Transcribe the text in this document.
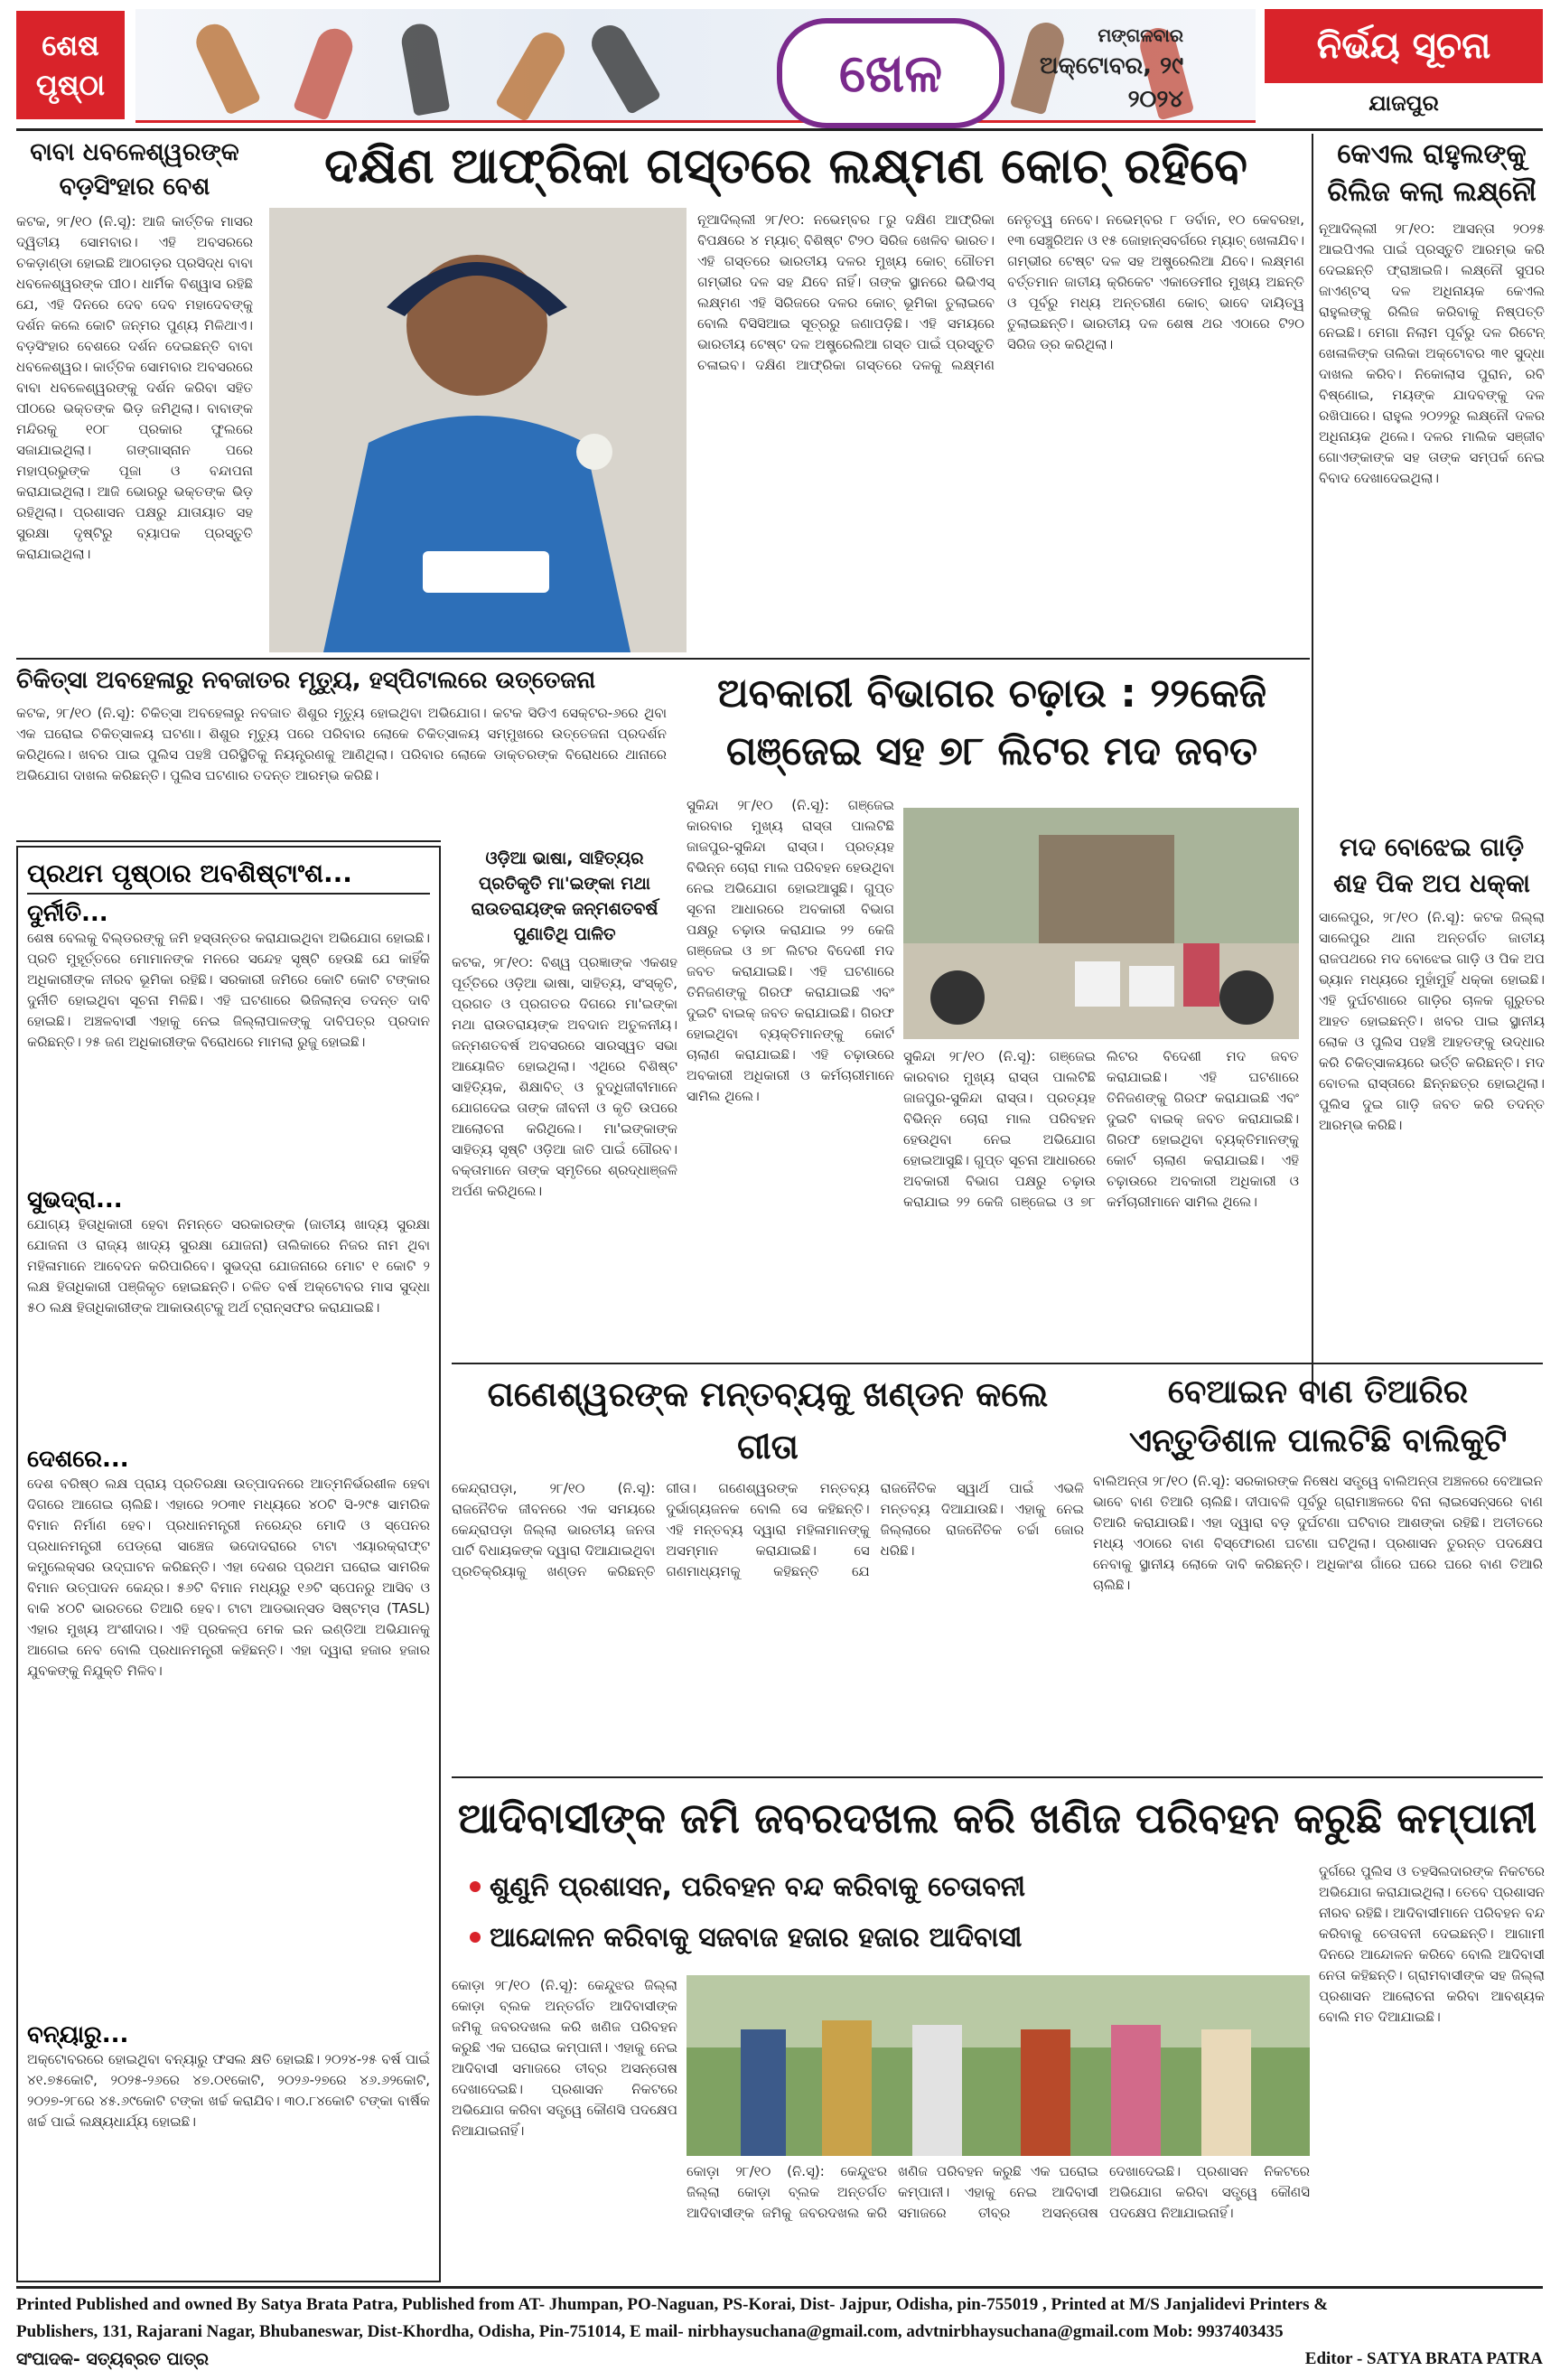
ଶେଷ
ପୃଷ୍ଠା	ଖେଳ
ମଙ୍ଗଳବାର
ଅକ୍ଟୋବର, ୨୯
୨୦୨୪
ନିର୍ଭୟ ସୂଚନା
ଯାଜପୁର
ବାବା ଧବଳେଶ୍ୱରଙ୍କ ବଡ଼ସିଂହାର ବେଶ
କଟକ, ୨୮/୧୦ (ନି.ସୂ): ଆଜି କାର୍ତ୍ତିକ ମାସର ଦ୍ୱିତୀୟ ସୋମବାର। ଏହି ଅବସରରେ ଚକଡ଼ାଣ୍ଡା ହୋଇଛି ଆଠଗଡ଼ର ପ୍ରସିଦ୍ଧ ବାବା ଧବଳେଶ୍ୱରଙ୍କ ପୀଠ। ଧାର୍ମିକ ବିଶ୍ୱାସ ରହିଛି ଯେ, ଏହି ଦିନରେ ଦେବ ଦେବ ମହାଦେବଙ୍କୁ ଦର୍ଶନ କଲେ କୋଟି ଜନ୍ମର ପୁଣ୍ୟ ମିଳିଥାଏ। ବଡ଼ସିଂହାର ବେଶରେ ଦର୍ଶନ ଦେଇଛନ୍ତି ବାବା ଧବଳେଶ୍ୱର। କାର୍ତ୍ତିକ ସୋମବାର ଅବସରରେ ବାବା ଧବଳେଶ୍ୱରଙ୍କୁ ଦର୍ଶନ କରିବା ସହିତ ପୀଠରେ ଭକ୍ତଙ୍କ ଭିଡ଼ ଜମିଥିଲା। ବାବାଙ୍କ ମନ୍ଦିରକୁ ୧୦୮ ପ୍ରକାର ଫୁଲରେ ସଜାଯାଇଥିଲା। ଗଙ୍ଗାସ୍ନାନ ପରେ ମହାପ୍ରଭୁଙ୍କ ପୂଜା ଓ ବନ୍ଦାପନା କରାଯାଇଥିଲା। ଆଜି ଭୋରରୁ ଭକ୍ତଙ୍କ ଭିଡ଼ ରହିଥିଲା। ପ୍ରଶାସନ ପକ୍ଷରୁ ଯାତାୟାତ ସହ ସୁରକ୍ଷା ଦୃଷ୍ଟିରୁ ବ୍ୟାପକ ପ୍ରସ୍ତୁତି କରାଯାଇଥିଲା।
ଦକ୍ଷିଣ ଆଫ୍ରିକା ଗସ୍ତରେ ଲକ୍ଷ୍ମଣ କୋଚ୍ ରହିବେ
ନୂଆଦିଲ୍ଲୀ ୨୮/୧୦: ନଭେମ୍ବର ୮ରୁ ଦକ୍ଷିଣ ଆଫ୍ରିକା ବିପକ୍ଷରେ ୪ ମ୍ୟାଚ୍ ବିଶିଷ୍ଟ ଟି୨୦ ସିରିଜ ଖେଳିବ ଭାରତ। ଏହି ଗସ୍ତରେ ଭାରତୀୟ ଦଳର ମୁଖ୍ୟ କୋଚ୍ ଗୌତମ ଗମ୍ଭୀର ଦଳ ସହ ଯିବେ ନାହିଁ। ତାଙ୍କ ସ୍ଥାନରେ ଭିଭିଏସ୍ ଲକ୍ଷ୍ମଣ ଏହି ସିରିଜରେ ଦଳର କୋଚ୍ ଭୂମିକା ତୁଲାଇବେ ବୋଲି ବିସିସିଆଇ ସୂତ୍ରରୁ ଜଣାପଡ଼ିଛି। ଏହି ସମୟରେ ଭାରତୀୟ ଟେଷ୍ଟ ଦଳ ଅଷ୍ଟ୍ରେଲିଆ ଗସ୍ତ ପାଇଁ ପ୍ରସ୍ତୁତି ଚଳାଇବ। ଦକ୍ଷିଣ ଆଫ୍ରିକା ଗସ୍ତରେ ଦଳକୁ ଲକ୍ଷ୍ମଣ ନେତୃତ୍ୱ ନେବେ। ନଭେମ୍ବର ୮ ଡର୍ବାନ, ୧୦ କେବରହା, ୧୩ ସେଞ୍ଚୁରିଅନ ଓ ୧୫ ଜୋହାନ୍ସବର୍ଗରେ ମ୍ୟାଚ୍ ଖେଳାଯିବ। ଗମ୍ଭୀର ଟେଷ୍ଟ ଦଳ ସହ ଅଷ୍ଟ୍ରେଲିଆ ଯିବେ। ଲକ୍ଷ୍ମଣ ବର୍ତ୍ତମାନ ଜାତୀୟ କ୍ରିକେଟ ଏକାଡେମୀର ମୁଖ୍ୟ ଅଛନ୍ତି ଓ ପୂର୍ବରୁ ମଧ୍ୟ ଅନ୍ତରୀଣ କୋଚ୍ ଭାବେ ଦାୟିତ୍ୱ ତୁଲାଇଛନ୍ତି। ଭାରତୀୟ ଦଳ ଶେଷ ଥର ଏଠାରେ ଟି୨୦ ସିରିଜ ଡ୍ର କରିଥିଲା।
କେଏଲ ରାହୁଲଙ୍କୁ ରିଲିଜ କଲା ଲକ୍ଷ୍ନୌ
ନୂଆଦିଲ୍ଲୀ ୨୮/୧୦: ଆସନ୍ତା ୨୦୨୫ ଆଇପିଏଲ ପାଇଁ ପ୍ରସ୍ତୁତି ଆରମ୍ଭ କରି ଦେଇଛନ୍ତି ଫ୍ରାଞ୍ଚାଇଜି। ଲକ୍ଷ୍ନୌ ସୁପର ଜାଏଣ୍ଟସ୍ ଦଳ ଅଧିନାୟକ କେଏଲ ରାହୁଲଙ୍କୁ ରିଲିଜ କରିବାକୁ ନିଷ୍ପତ୍ତି ନେଇଛି। ମେଗା ନିଲାମ ପୂର୍ବରୁ ଦଳ ରିଟେନ୍ ଖେଳାଳିଙ୍କ ତାଲିକା ଅକ୍ଟୋବର ୩୧ ସୁଦ୍ଧା ଦାଖଲ କରିବ। ନିକୋଲାସ ପୁରାନ, ରବି ବିଷ୍ଣୋଇ, ମୟଙ୍କ ଯାଦବଙ୍କୁ ଦଳ ରଖିପାରେ। ରାହୁଲ ୨୦୨୨ରୁ ଲକ୍ଷ୍ନୌ ଦଳର ଅଧିନାୟକ ଥିଲେ। ଦଳର ମାଲିକ ସଞ୍ଜୀବ ଗୋଏଙ୍କାଙ୍କ ସହ ତାଙ୍କ ସମ୍ପର୍କ ନେଇ ବିବାଦ ଦେଖାଦେଇଥିଲା।
ଚିକିତ୍ସା ଅବହେଳାରୁ ନବଜାତର ମୃତ୍ୟୁ, ହସ୍ପିଟାଲରେ ଉତ୍ତେଜନା
କଟକ, ୨୮/୧୦ (ନି.ସୂ): ଚିକିତ୍ସା ଅବହେଳାରୁ ନବଜାତ ଶିଶୁର ମୃତ୍ୟୁ ହୋଇଥିବା ଅଭିଯୋଗ। କଟକ ସିଡିଏ ସେକ୍ଟର-୬ରେ ଥିବା ଏକ ଘରୋଇ ଚିକିତ୍ସାଳୟ ଘଟଣା। ଶିଶୁର ମୃତ୍ୟୁ ପରେ ପରିବାର ଲୋକେ ଚିକିତ୍ସାଳୟ ସମ୍ମୁଖରେ ଉତ୍ତେଜନା ପ୍ରଦର୍ଶନ କରିଥିଲେ। ଖବର ପାଇ ପୁଲିସ ପହଞ୍ଚି ପରିସ୍ଥିତିକୁ ନିୟନ୍ତ୍ରଣକୁ ଆଣିଥିଲା। ପରିବାର ଲୋକେ ଡାକ୍ତରଙ୍କ ବିରୋଧରେ ଥାନାରେ ଅଭିଯୋଗ ଦାଖଲ କରିଛନ୍ତି। ପୁଲିସ ଘଟଣାର ତଦନ୍ତ ଆରମ୍ଭ କରିଛି।
ଅବକାରୀ ବିଭାଗର ଚଢ଼ାଉ : ୨୨କେଜି
ଗଞ୍ଜେଇ ସହ ୭୮ ଲିଟର ମଦ ଜବତ
ପ୍ରଥମ ପୃଷ୍ଠାର ଅବଶିଷ୍ଟାଂଶ...
ଦୁର୍ନୀତି...
ଶେଷ ବେଲକୁ ବିଲ୍ଡରଙ୍କୁ ଜମି ହସ୍ତାନ୍ତର କରାଯାଇଥିବା ଅଭିଯୋଗ ହୋଇଛି। ପ୍ରତି ମୁହୂର୍ତ୍ତରେ ମୋମାନଙ୍କ ମନରେ ସନ୍ଦେହ ସୃଷ୍ଟି ହେଉଛି ଯେ କାହିଁକି ଅଧିକାରୀଙ୍କ ନୀରବ ଭୂମିକା ରହିଛି। ସରକାରୀ ଜମିରେ କୋଟି କୋଟି ଟଙ୍କାର ଦୁର୍ନୀତି ହୋଇଥିବା ସୂଚନା ମିଳିଛି। ଏହି ଘଟଣାରେ ଭିଜିଲାନ୍ସ ତଦନ୍ତ ଦାବି ହୋଇଛି। ଅଞ୍ଚଳବାସୀ ଏହାକୁ ନେଇ ଜିଲ୍ଲାପାଳଙ୍କୁ ଦାବିପତ୍ର ପ୍ରଦାନ କରିଛନ୍ତି। ୨୫ ଜଣ ଅଧିକାରୀଙ୍କ ବିରୋଧରେ ମାମଲା ରୁଜୁ ହୋଇଛି।
ସୁଭଦ୍ରା...
ଯୋଗ୍ୟ ହିତାଧିକାରୀ ହେବା ନିମନ୍ତେ ସରକାରଙ୍କ (ଜାତୀୟ ଖାଦ୍ୟ ସୁରକ୍ଷା ଯୋଜନା ଓ ରାଜ୍ୟ ଖାଦ୍ୟ ସୁରକ୍ଷା ଯୋଜନା) ତାଲିକାରେ ନିଜର ନାମ ଥିବା ମହିଳାମାନେ ଆବେଦନ କରିପାରିବେ। ସୁଭଦ୍ରା ଯୋଜନାରେ ମୋଟ ୧ କୋଟି ୨ ଲକ୍ଷ ହିତାଧିକାରୀ ପଞ୍ଜିକୃତ ହୋଇଛନ୍ତି। ଚଳିତ ବର୍ଷ ଅକ୍ଟୋବର ମାସ ସୁଦ୍ଧା ୫୦ ଲକ୍ଷ ହିତାଧିକାରୀଙ୍କ ଆକାଉଣ୍ଟକୁ ଅର୍ଥ ଟ୍ରାନ୍ସଫର କରାଯାଇଛି।
ଦେଶରେ...
ଦେଶ ବରିଷ୍ଠ ଲକ୍ଷ ପ୍ରାୟ ପ୍ରତିରକ୍ଷା ଉତ୍ପାଦନରେ ଆତ୍ମନିର୍ଭରଶୀଳ ହେବା ଦିଗରେ ଆଗେଇ ଚାଲିଛି। ଏହାରେ ୨୦୩୧ ମଧ୍ୟରେ ୪୦ଟି ସି-୨୯୫ ସାମରିକ ବିମାନ ନିର୍ମାଣ ହେବ। ପ୍ରଧାନମନ୍ତ୍ରୀ ନରେନ୍ଦ୍ର ମୋଦି ଓ ସ୍ପେନର ପ୍ରଧାନମନ୍ତ୍ରୀ ପେଡ୍ରୋ ସାଞ୍ଚେଜ ଭଦୋଦରାରେ ଟାଟା ଏୟାରକ୍ରାଫ୍ଟ କମ୍ପ୍ଲେକ୍ସର ଉଦ୍‌ଘାଟନ କରିଛନ୍ତି। ଏହା ଦେଶର ପ୍ରଥମ ଘରୋଇ ସାମରିକ ବିମାନ ଉତ୍ପାଦନ କେନ୍ଦ୍ର। ୫୬ଟି ବିମାନ ମଧ୍ୟରୁ ୧୬ଟି ସ୍ପେନରୁ ଆସିବ ଓ ବାକି ୪୦ଟି ଭାରତରେ ତିଆରି ହେବ। ଟାଟା ଆଡଭାନ୍ସଡ ସିଷ୍ଟମ୍ସ (TASL) ଏହାର ମୁଖ୍ୟ ଅଂଶୀଦାର। ଏହି ପ୍ରକଳ୍ପ ମେକ ଇନ ଇଣ୍ଡିଆ ଅଭିଯାନକୁ ଆଗେଇ ନେବ ବୋଲି ପ୍ରଧାନମନ୍ତ୍ରୀ କହିଛନ୍ତି। ଏହା ଦ୍ୱାରା ହଜାର ହଜାର ଯୁବକଙ୍କୁ ନିଯୁକ୍ତି ମିଳିବ।
ବନ୍ୟାରୁ...
ଅକ୍ଟୋବରରେ ହୋଇଥିବା ବନ୍ୟାରୁ ଫସଲ କ୍ଷତି ହୋଇଛି। ୨୦୨୪-୨୫ ବର୍ଷ ପାଇଁ ୪୧.୭୫କୋଟି, ୨୦୨୫-୨୬ରେ ୪୭.୦୧କୋଟି, ୨୦୨୬-୨୭ରେ ୪୬.୬୨କୋଟି, ୨୦୨୭-୨୮ରେ ୪୫.୬୯କୋଟି ଟଙ୍କା ଖର୍ଚ୍ଚ କରାଯିବ। ୩୦.୮୪କୋଟି ଟଙ୍କା ବାର୍ଷିକ ଖର୍ଚ୍ଚ ପାଇଁ ଲକ୍ଷ୍ୟଧାର୍ଯ୍ୟ ହୋଇଛି।
ଓଡ଼ିଆ ଭାଷା, ସାହିତ୍ୟର ପ୍ରତିକୃତି ମା'ଇଙ୍କା ମଥା ରାଉତରାୟଙ୍କ ଜନ୍ମଶତବର୍ଷ ପୁଣାତିଥି ପାଳିତ
କଟକ, ୨୮/୧୦: ବିଶ୍ୱ ପ୍ରଜ୍ଞାଙ୍କ ଏକଶହ ପୂର୍ତ୍ତିରେ ଓଡ଼ିଆ ଭାଷା, ସାହିତ୍ୟ, ସଂସ୍କୃତି, ପ୍ରଗତ ଓ ପ୍ରଗତର ଦିଗରେ ମା'ଇଙ୍କା ମଥା ରାଉତରାୟଙ୍କ ଅବଦାନ ଅତୁଳନୀୟ। ଜନ୍ମଶତବର୍ଷ ଅବସରରେ ସାରସ୍ୱତ ସଭା ଆୟୋଜିତ ହୋଇଥିଲା। ଏଥିରେ ବିଶିଷ୍ଟ ସାହିତ୍ୟିକ, ଶିକ୍ଷାବିତ୍ ଓ ବୁଦ୍ଧିଜୀବୀମାନେ ଯୋଗଦେଇ ତାଙ୍କ ଜୀବନୀ ଓ କୃତି ଉପରେ ଆଲୋଚନା କରିଥିଲେ। ମା'ଇଙ୍କାଙ୍କ ସାହିତ୍ୟ ସୃଷ୍ଟି ଓଡ଼ିଆ ଜାତି ପାଇଁ ଗୌରବ। ବକ୍ତାମାନେ ତାଙ୍କ ସ୍ମୃତିରେ ଶ୍ରଦ୍ଧାଞ୍ଜଳି ଅର୍ପଣ କରିଥିଲେ।
ସୁକିନ୍ଦା ୨୮/୧୦ (ନି.ସୂ): ଗଞ୍ଜେଇ କାରବାର ମୁଖ୍ୟ ରାସ୍ତା ପାଲଟିଛି ଜାଜପୁର-ସୁକିନ୍ଦା ରାସ୍ତା। ପ୍ରତ୍ୟହ ବିଭିନ୍ନ ଚୋରା ମାଲ ପରିବହନ ହେଉଥିବା ନେଇ ଅଭିଯୋଗ ହୋଇଆସୁଛି। ଗୁପ୍ତ ସୂଚନା ଆଧାରରେ ଅବକାରୀ ବିଭାଗ ପକ୍ଷରୁ ଚଢ଼ାଉ କରାଯାଇ ୨୨ କେଜି ଗଞ୍ଜେଇ ଓ ୭୮ ଲିଟର ବିଦେଶୀ ମଦ ଜବତ କରାଯାଇଛି। ଏହି ଘଟଣାରେ ତିନିଜଣଙ୍କୁ ଗିରଫ କରାଯାଇଛି ଏବଂ ଦୁଇଟି ବାଇକ୍ ଜବତ କରାଯାଇଛି। ଗିରଫ ହୋଇଥିବା ବ୍ୟକ୍ତିମାନଙ୍କୁ କୋର୍ଟ ଚାଲାଣ କରାଯାଇଛି। ଏହି ଚଢ଼ାଉରେ ଅବକାରୀ ଅଧିକାରୀ ଓ କର୍ମଚାରୀମାନେ ସାମିଲ ଥିଲେ।
ସୁକିନ୍ଦା ୨୮/୧୦ (ନି.ସୂ): ଗଞ୍ଜେଇ କାରବାର ମୁଖ୍ୟ ରାସ୍ତା ପାଲଟିଛି ଜାଜପୁର-ସୁକିନ୍ଦା ରାସ୍ତା। ପ୍ରତ୍ୟହ ବିଭିନ୍ନ ଚୋରା ମାଲ ପରିବହନ ହେଉଥିବା ନେଇ ଅଭିଯୋଗ ହୋଇଆସୁଛି। ଗୁପ୍ତ ସୂଚନା ଆଧାରରେ ଅବକାରୀ ବିଭାଗ ପକ୍ଷରୁ ଚଢ଼ାଉ କରାଯାଇ ୨୨ କେଜି ଗଞ୍ଜେଇ ଓ ୭୮ ଲିଟର ବିଦେଶୀ ମଦ ଜବତ କରାଯାଇଛି। ଏହି ଘଟଣାରେ ତିନିଜଣଙ୍କୁ ଗିରଫ କରାଯାଇଛି ଏବଂ ଦୁଇଟି ବାଇକ୍ ଜବତ କରାଯାଇଛି। ଗିରଫ ହୋଇଥିବା ବ୍ୟକ୍ତିମାନଙ୍କୁ କୋର୍ଟ ଚାଲାଣ କରାଯାଇଛି। ଏହି ଚଢ଼ାଉରେ ଅବକାରୀ ଅଧିକାରୀ ଓ କର୍ମଚାରୀମାନେ ସାମିଲ ଥିଲେ।
ମଦ ବୋଝେଇ ଗାଡ଼ି ଶହ ପିକ ଅପ ଧକ୍କା
ସାଲେପୁର, ୨୮/୧୦ (ନି.ସୂ): କଟକ ଜିଲ୍ଲା ସାଲେପୁର ଥାନା ଅନ୍ତର୍ଗତ ଜାତୀୟ ରାଜପଥରେ ମଦ ବୋଝେଇ ଗାଡ଼ି ଓ ପିକ ଅପ ଭ୍ୟାନ ମଧ୍ୟରେ ମୁହାଁମୁହିଁ ଧକ୍କା ହୋଇଛି। ଏହି ଦୁର୍ଘଟଣାରେ ଗାଡ଼ିର ଚାଳକ ଗୁରୁତର ଆହତ ହୋଇଛନ୍ତି। ଖବର ପାଇ ସ୍ଥାନୀୟ ଲୋକ ଓ ପୁଲିସ ପହଞ୍ଚି ଆହତଙ୍କୁ ଉଦ୍ଧାର କରି ଚିକିତ୍ସାଳୟରେ ଭର୍ତ୍ତି କରିଛନ୍ତି। ମଦ ବୋତଲ ରାସ୍ତାରେ ଛିନ୍ନଛତ୍ର ହୋଇଥିଲା। ପୁଲିସ ଦୁଇ ଗାଡ଼ି ଜବତ କରି ତଦନ୍ତ ଆରମ୍ଭ କରିଛି।
ଗଣେଶ୍ୱରଙ୍କ ମନ୍ତବ୍ୟକୁ ଖଣ୍ଡନ କଲେ ଗୀତା
କେନ୍ଦ୍ରାପଡ଼ା, ୨୮/୧୦ (ନି.ସୂ): ରାଜନୈତିକ ଜୀବନରେ ଏକ ସମୟରେ କେନ୍ଦ୍ରାପଡ଼ା ଜିଲ୍ଲା ଭାରତୀୟ ଜନତା ପାର୍ଟି ବିଧାୟକଙ୍କ ଦ୍ୱାରା ଦିଆଯାଇଥିବା ପ୍ରତିକ୍ରିୟାକୁ ଖଣ୍ଡନ କରିଛନ୍ତି ଗୀତା। ଗଣେଶ୍ୱରଙ୍କ ମନ୍ତବ୍ୟ ଦୁର୍ଭାଗ୍ୟଜନକ ବୋଲି ସେ କହିଛନ୍ତି। ଏହି ମନ୍ତବ୍ୟ ଦ୍ୱାରା ମହିଳାମାନଙ୍କୁ ଅସମ୍ମାନ କରାଯାଇଛି। ସେ ଗଣମାଧ୍ୟମକୁ କହିଛନ୍ତି ଯେ ରାଜନୈତିକ ସ୍ୱାର୍ଥ ପାଇଁ ଏଭଳି ମନ୍ତବ୍ୟ ଦିଆଯାଉଛି। ଏହାକୁ ନେଇ ଜିଲ୍ଲାରେ ରାଜନୈତିକ ଚର୍ଚ୍ଚା ଜୋର ଧରିଛି।
ବେଆଇନ ବାଣ ତିଆରିର
ଏନ୍ତୁଡିଶାଳ ପାଲଟିଛି ବାଲିକୁଟି
ବାଲିଅନ୍ତା ୨୮/୧୦ (ନି.ସୂ): ସରକାରଙ୍କ ନିଷେଧ ସତ୍ତ୍ୱେ ବାଲିଅନ୍ତା ଅଞ୍ଚଳରେ ବେଆଇନ ଭାବେ ବାଣ ତିଆରି ଚାଲିଛି। ଦୀପାବଳି ପୂର୍ବରୁ ଗ୍ରାମାଞ୍ଚଳରେ ବିନା ଲାଇସେନ୍ସରେ ବାଣ ତିଆରି କରାଯାଉଛି। ଏହା ଦ୍ୱାରା ବଡ଼ ଦୁର୍ଘଟଣା ଘଟିବାର ଆଶଙ୍କା ରହିଛି। ଅତୀତରେ ମଧ୍ୟ ଏଠାରେ ବାଣ ବିସ୍ଫୋରଣ ଘଟଣା ଘଟିଥିଲା। ପ୍ରଶାସନ ତୁରନ୍ତ ପଦକ୍ଷେପ ନେବାକୁ ସ୍ଥାନୀୟ ଲୋକେ ଦାବି କରିଛନ୍ତି। ଅଧିକାଂଶ ଗାଁରେ ଘରେ ଘରେ ବାଣ ତିଆରି ଚାଲିଛି।
ଆଦିବାସୀଙ୍କ ଜମି ଜବରଦଖଲ କରି ଖଣିଜ ପରିବହନ କରୁଛି କମ୍ପାନୀ
ଶୁଣୁନି ପ୍ରଶାସନ, ପରିବହନ ବନ୍ଦ କରିବାକୁ ଚେତାବନୀ
ଆନ୍ଦୋଳନ କରିବାକୁ ସଜବାଜ ହଜାର ହଜାର ଆଦିବାସୀ
କୋଡ଼ା ୨୮/୧୦ (ନି.ସୂ): କେନ୍ଦୁଝର ଜିଲ୍ଲା କୋଡ଼ା ବ୍ଲକ ଅନ୍ତର୍ଗତ ଆଦିବାସୀଙ୍କ ଜମିକୁ ଜବରଦଖଲ କରି ଖଣିଜ ପରିବହନ କରୁଛି ଏକ ଘରୋଇ କମ୍ପାନୀ। ଏହାକୁ ନେଇ ଆଦିବାସୀ ସମାଜରେ ତୀବ୍ର ଅସନ୍ତୋଷ ଦେଖାଦେଇଛି। ପ୍ରଶାସନ ନିକଟରେ ଅଭିଯୋଗ କରିବା ସତ୍ତ୍ୱେ କୌଣସି ପଦକ୍ଷେପ ନିଆଯାଇନାହିଁ।
କୋଡ଼ା ୨୮/୧୦ (ନି.ସୂ): କେନ୍ଦୁଝର ଜିଲ୍ଲା କୋଡ଼ା ବ୍ଲକ ଅନ୍ତର୍ଗତ ଆଦିବାସୀଙ୍କ ଜମିକୁ ଜବରଦଖଲ କରି ଖଣିଜ ପରିବହନ କରୁଛି ଏକ ଘରୋଇ କମ୍ପାନୀ। ଏହାକୁ ନେଇ ଆଦିବାସୀ ସମାଜରେ ତୀବ୍ର ଅସନ୍ତୋଷ ଦେଖାଦେଇଛି। ପ୍ରଶାସନ ନିକଟରେ ଅଭିଯୋଗ କରିବା ସତ୍ତ୍ୱେ କୌଣସି ପଦକ୍ଷେପ ନିଆଯାଇନାହିଁ।
ଦୁର୍ଗରେ ପୁଲିସ ଓ ତହସିଲଦାରଙ୍କ ନିକଟରେ ଅଭିଯୋଗ କରାଯାଇଥିଲା। ତେବେ ପ୍ରଶାସନ ନୀରବ ରହିଛି। ଆଦିବାସୀମାନେ ପରିବହନ ବନ୍ଦ କରିବାକୁ ଚେତାବନୀ ଦେଇଛନ୍ତି। ଆଗାମୀ ଦିନରେ ଆନ୍ଦୋଳନ କରିବେ ବୋଲି ଆଦିବାସୀ ନେତା କହିଛନ୍ତି। ଗ୍ରାମବାସୀଙ୍କ ସହ ଜିଲ୍ଲା ପ୍ରଶାସନ ଆଲୋଚନା କରିବା ଆବଶ୍ୟକ ବୋଲି ମତ ଦିଆଯାଇଛି।
Printed Published and owned By Satya Brata Patra, Published from AT- Jhumpan, PO-Naguan, PS-Korai, Dist- Jajpur, Odisha, pin-755019 , Printed at M/S Janjalidevi Printers &
Publishers, 131, Rajarani Nagar, Bhubaneswar, Dist-Khordha, Odisha, Pin-751014, E mail- nirbhaysuchana@gmail.com, advtnirbhaysuchana@gmail.com Mob: 9937403435
ସଂପାଦକ- ସତ୍ୟବ୍ରତ ପାତ୍ର	Editor - SATYA BRATA PATRA
